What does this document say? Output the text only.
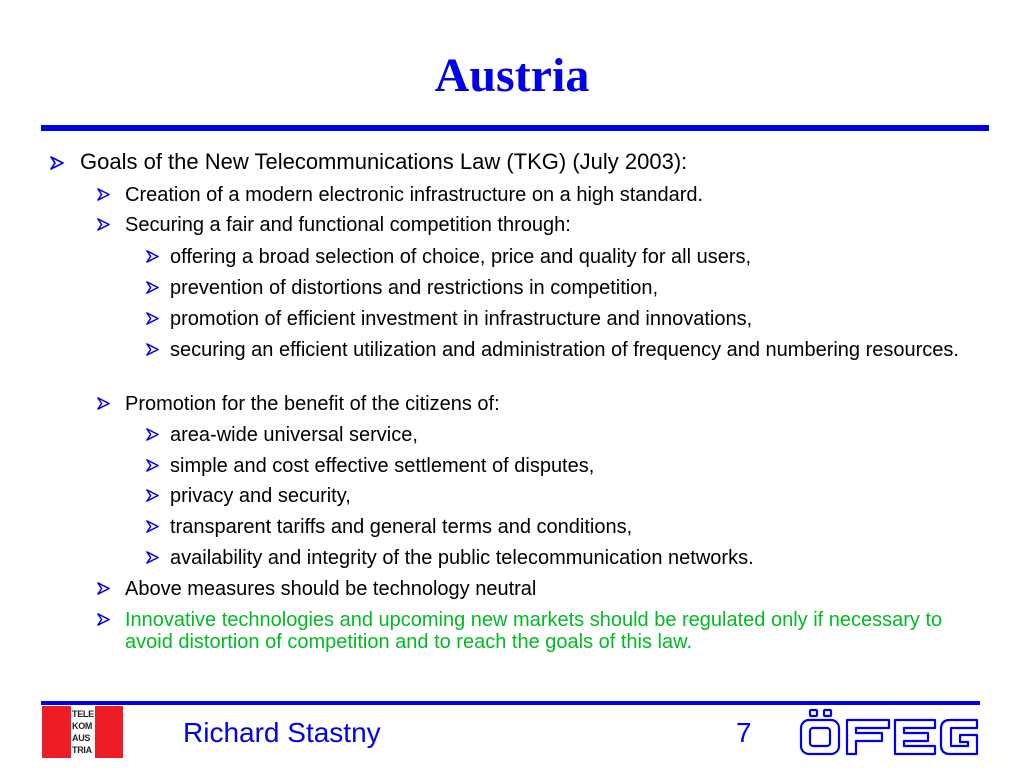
Austria
Goals of the New Telecommunications Law (TKG) (July 2003):
Creation of a modern electronic infrastructure on a high standard.
Securing a fair and functional competition through:
offering a broad selection of choice, price and quality for all users,
prevention of distortions and restrictions in competition,
promotion of efficient investment in infrastructure and innovations,
securing an efficient utilization and administration of frequency and numbering resources.
Promotion for the benefit of the citizens of:
area-wide universal service,
simple and cost effective settlement of disputes,
privacy and security,
transparent tariffs and general terms and conditions,
availability and integrity of the public telecommunication networks.
Above measures should be technology neutral
Innovative technologies and upcoming new markets should be regulated only if necessary to avoid distortion of competition and to reach the goals of this law.
TELE
KOM
AUS
TRIA
Richard Stastny	7
